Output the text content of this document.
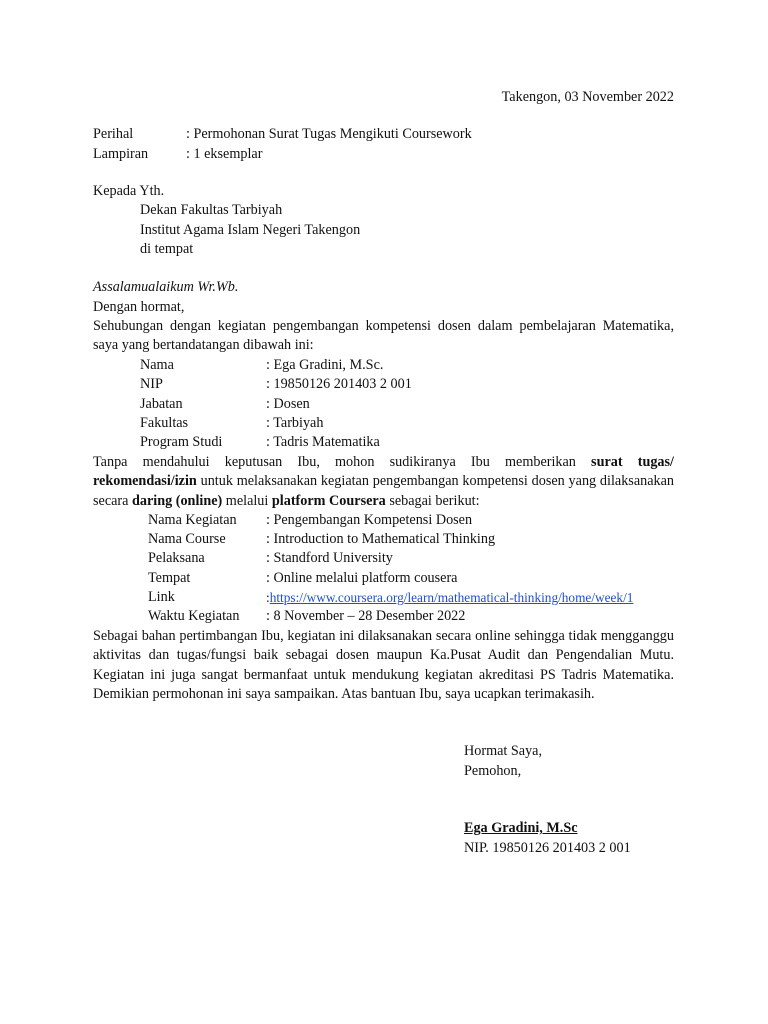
Takengon, 03 November 2022
Perihal	: Permohonan Surat Tugas Mengikuti Coursework
Lampiran	: 1 eksemplar
Kepada Yth.
Dekan Fakultas Tarbiyah
Institut Agama Islam Negeri Takengon
di tempat
Assalamualaikum Wr.Wb.
Dengan hormat,
Sehubungan dengan kegiatan pengembangan kompetensi dosen dalam pembelajaran Matematika, saya yang bertandatangan dibawah ini:
Nama	: Ega Gradini, M.Sc.
NIP	: 19850126 201403 2 001
Jabatan	: Dosen
Fakultas	: Tarbiyah
Program Studi	: Tadris Matematika
Tanpa mendahului keputusan Ibu, mohon sudikiranya Ibu memberikan surat tugas/ rekomendasi/izin untuk melaksanakan kegiatan pengembangan kompetensi dosen yang dilaksanakan secara daring (online) melalui platform Coursera sebagai berikut:
Nama Kegiatan : Pengembangan Kompetensi Dosen
Nama Course	: Introduction to Mathematical Thinking
Pelaksana	: Standford University
Tempat	: Online melalui platform cousera
Link	:https://www.coursera.org/learn/mathematical-thinking/home/week/1
Waktu Kegiatan : 8 November – 28 Desember 2022
Sebagai bahan pertimbangan Ibu, kegiatan ini dilaksanakan secara online sehingga tidak mengganggu aktivitas dan tugas/fungsi baik sebagai dosen maupun Ka.Pusat Audit dan Pengendalian Mutu. Kegiatan ini juga sangat bermanfaat untuk mendukung kegiatan akreditasi PS Tadris Matematika. Demikian permohonan ini saya sampaikan. Atas bantuan Ibu, saya ucapkan terimakasih.
Hormat Saya,
Pemohon,
Ega Gradini, M.Sc
NIP. 19850126 201403 2 001
